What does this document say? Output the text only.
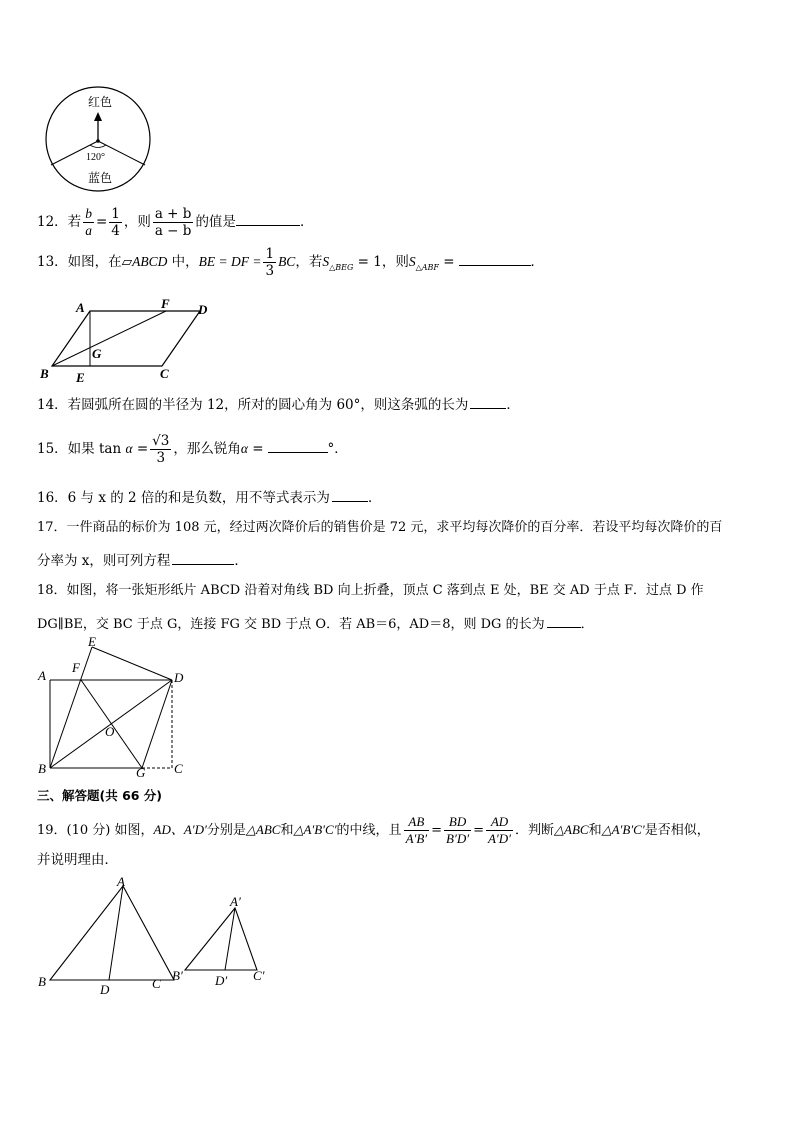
红色
120°
蓝色
12．若 $\frac{b}{a} = \frac{1}{4}$ ，则 $\frac{a + b}{a - b}$ 的值是	．
13．如图，在▱ABCD 中，BE = DF = $\frac{1}{3}$ BC，若$S_{\triangle BEG} = 1$，则$S_{\triangle ABF}$ =	．
A	F D
G
B E	C
14．若圆弧所在圆的半径为 12，所对的圆心角为 60°，则这条弧的长为	．
15．如果 $\tan \alpha = \frac{√3}{3}$ ，那么锐角α =	°．
16．6 与 x 的 2 倍的和是负数，用不等式表示为	．
17．一件商品的标价为 108 元，经过两次降价后的销售价是 72 元，求平均每次降价的百分率．若设平均每次降价的百
分率为 x，则可列方程	．
18．如图，将一张矩形纸片 ABCD 沿着对角线 BD 向上折叠，顶点 C 落到点 E 处，BE 交 AD 于点 F．过点 D 作
DG∥BE，交 BC 于点 G，连接 FG 交 BD 于点 O．若 AB＝6，AD＝8，则 DG 的长为	．
E
F
A	D
O
B	G C
三、解答题(共 66 分)
19．(10 分) 如图，AD、A′D′分别是△ABC和△A′B′C′的中线，且 $\frac{AB}{A'B'} = \frac{BD}{B'D'} = \frac{AD}{A'D'}$ ．判断△ABC和△A′B′C′是否相似，
并说明理由．
A
B
D	C
A′
B′ D′ C′
